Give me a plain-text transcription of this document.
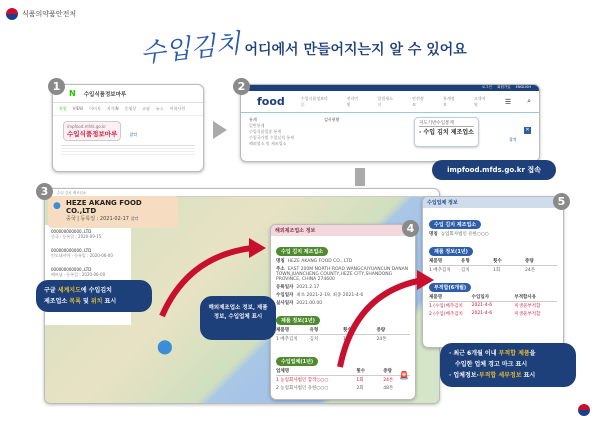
식품의약품안전처
수입김치 어디에서 만들어지는지 알 수 있어요
1
N 수입식품정보마루
통합 VIEW 이미지 지식iN 동영상 쇼핑 뉴스 어학사전
impfood.mfds.go.kr
수입식품정보마루	찰칵
2	로그인 회원가입 ENGLISH
food	수입식품정보마루
전자민원
알림새소식
안전정보
통계정보
고객지원	☰ ⌕
통계
일반통계
수입식품업종 통계
수입국가별 수입실적 통계
해외업소 및 제조업소
검사현황
지도기반수입통계
· 수입 김치 제조업소
찰칵
✕
impfood.mfds.go.kr 접속
3	수입 김치 제조업소
000000000000,.LTD
중국 · 등록일 : 2020-09-15
000000000000,.LTD
인도네시아 · 등록일 : 2020-06-00
000000000000,.LTD
베트남 · 등록일 : 2020-06-00
⬤
● HEZE AKANG FOOD CO.,LTD
중국 | 등록일 : 2021-02-17 찰칵
구글 세계지도에 수입김치
제조업소 목록 및 위치 표시
해외제조업소 정보
수입 김치 제조업소
명칭 HEZE AKANG FOOD CO., LTD
주소 EAST 200M NORTH ROAD WANGCAIYUANCUN DANAN TOWN,JUANCHENG COUNTY,HEZE CITY,SHANDONG PROVINCE, CHINA 274600
등록일자 2021.2.17
수입일자 최초 2021-2-19, 최종 2021-4-6
실사일자 2021.00.00
제품 정보(1년)
제품명	유형	횟수	중량
1 배추김치	김치	1회	24톤
수입업체(1년)
업체명	횟수	중량
1 농업회사법인 합작○○○	1회	24톤
2 농업회사법인 유한○○○	2회	48톤
🚨
4
해외제조업소 정보, 제품 정보, 수입업체 표시
수입업체 정보
수입 김치 제조업소
명칭 농업회사법인 유한○○○
제품 정보(1년)
제품명	유형	횟수	중량
1 배추김치	김치	1회	24톤
부적합(6개월)
제품명	수입일자	부적합사유
1 (수입)배추김치	2021-4-6	미생물부적합
2 (수입)배추김치	2021-4-6	미생물부적합
5
· 최근 6개월 이내 부적합 제품을
수입한 업체 경고 마크 표시
· 업체정보·부적합 세부정보 표시
